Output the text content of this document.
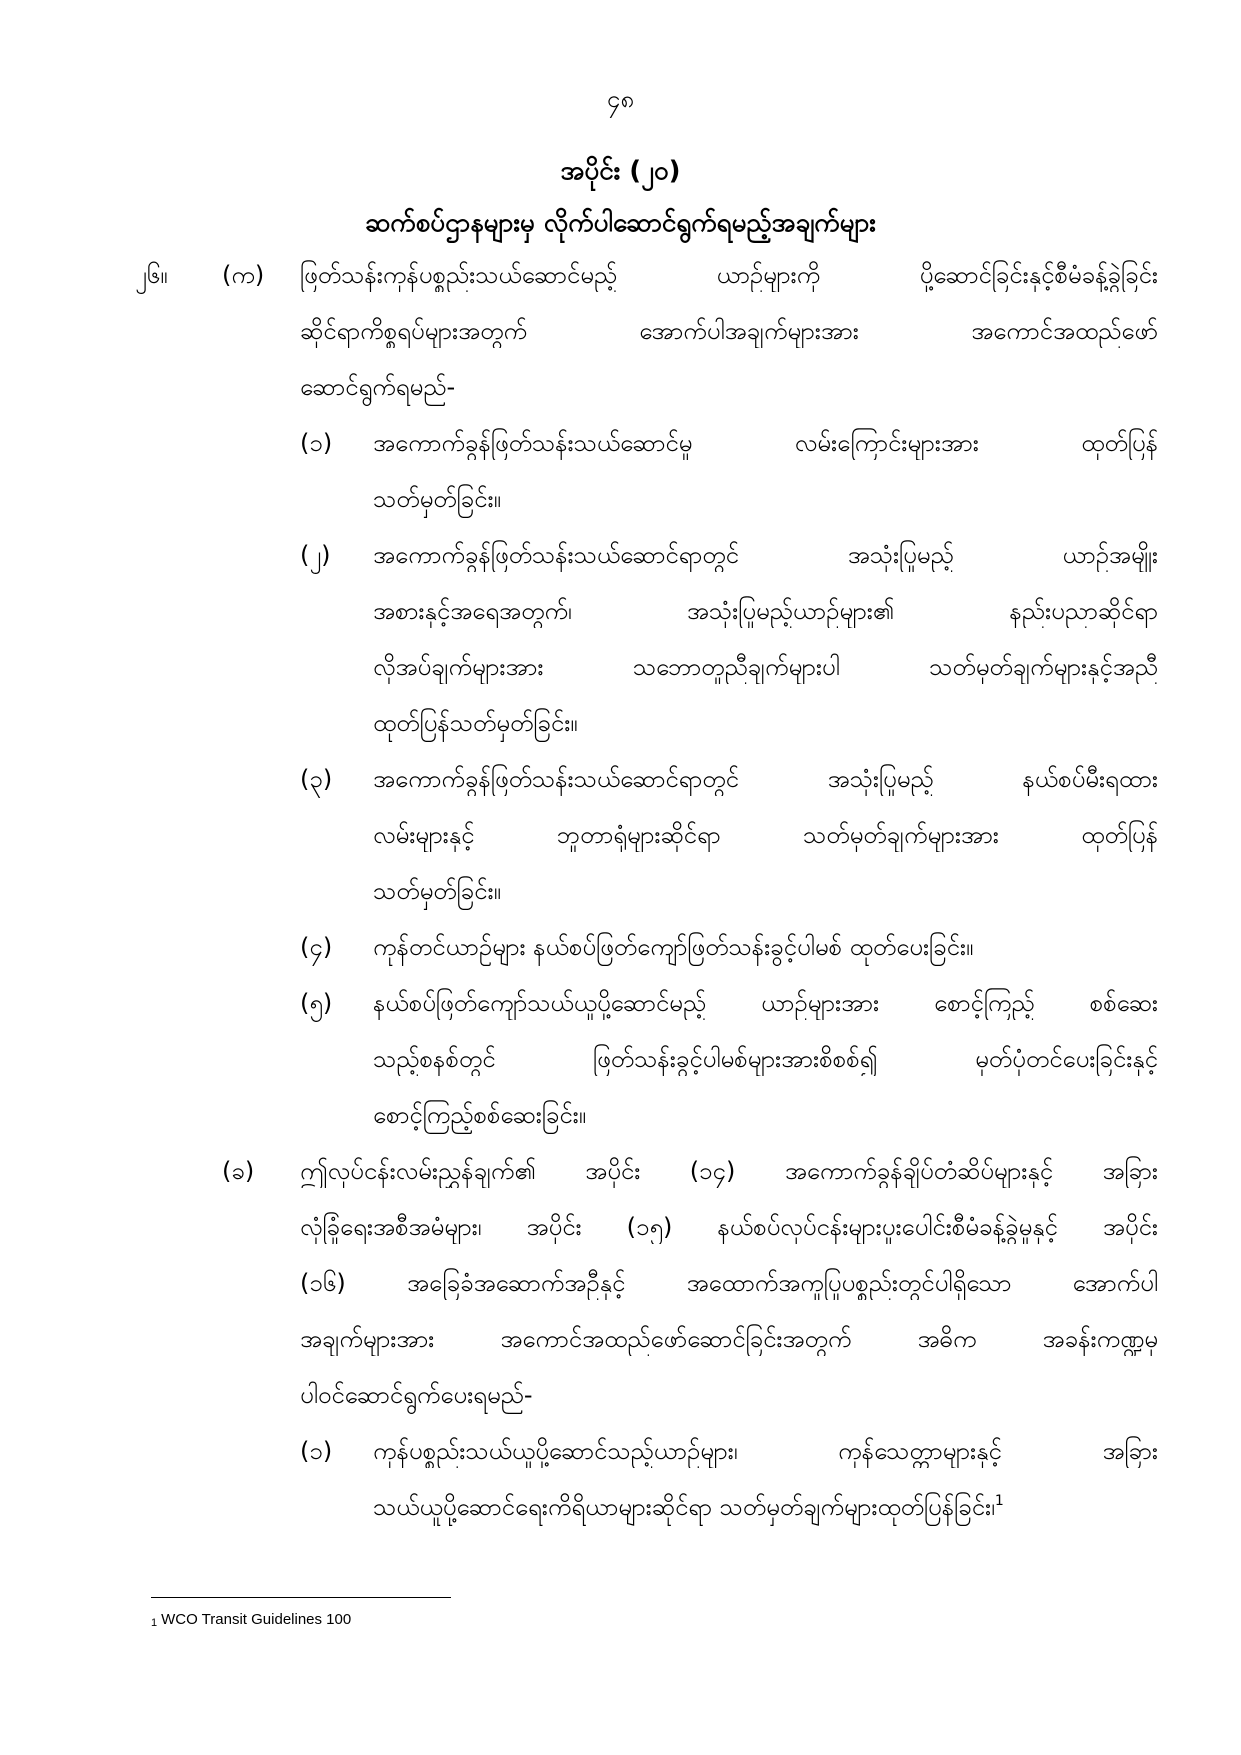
၄၈
အပိုင်း (၂၀)
ဆက်စပ်ဌာနများမှ လိုက်ပါဆောင်ရွက်ရမည့်အချက်များ
၂၆။ (က) ဖြတ်သန်းကုန်ပစ္စည်းသယ်ဆောင်မည့် ယာဉ်များကို ပို့ဆောင်ခြင်းနှင့်စီမံခန့်ခွဲခြင်း
ဆိုင်ရာကိစ္စရပ်များအတွက် အောက်ပါအချက်များအား အကောင်အထည်ဖော်
ဆောင်ရွက်ရမည်-
(၁) အကောက်ခွန်ဖြတ်သန်းသယ်ဆောင်မှု လမ်းကြောင်းများအား ထုတ်ပြန်
သတ်မှတ်ခြင်း။
(၂) အကောက်ခွန်ဖြတ်သန်းသယ်ဆောင်ရာတွင် အသုံးပြုမည့် ယာဉ်အမျိုး
အစားနှင့်အရေအတွက်၊ အသုံးပြုမည့်ယာဉ်များ၏ နည်းပညာဆိုင်ရာ
လိုအပ်ချက်များအား သဘောတူညီချက်များပါ သတ်မှတ်ချက်များနှင့်အညီ
ထုတ်ပြန်သတ်မှတ်ခြင်း။
(၃) အကောက်ခွန်ဖြတ်သန်းသယ်ဆောင်ရာတွင် အသုံးပြုမည့် နယ်စပ်မီးရထား
လမ်းများနှင့် ဘူတာရုံများဆိုင်ရာ သတ်မှတ်ချက်များအား ထုတ်ပြန်
သတ်မှတ်ခြင်း။
(၄) ကုန်တင်ယာဉ်များ နယ်စပ်ဖြတ်ကျော်ဖြတ်သန်းခွင့်ပါမစ် ထုတ်ပေးခြင်း။
(၅) နယ်စပ်ဖြတ်ကျော်သယ်ယူပို့ဆောင်မည့် ယာဉ်များအား စောင့်ကြည့် စစ်ဆေး
သည့်စနစ်တွင် ဖြတ်သန်းခွင့်ပါမစ်များအားစိစစ်၍ မှတ်ပုံတင်ပေးခြင်းနှင့်
စောင့်ကြည့်စစ်ဆေးခြင်း။
(ခ) ဤလုပ်ငန်းလမ်းညွှန်ချက်၏ အပိုင်း (၁၄) အကောက်ခွန်ချိပ်တံဆိပ်များနှင့် အခြား
လုံခြုံရေးအစီအမံများ၊ အပိုင်း (၁၅) နယ်စပ်လုပ်ငန်းများပူးပေါင်းစီမံခန့်ခွဲမှုနှင့် အပိုင်း
(၁၆) အခြေခံအဆောက်အဦနှင့် အထောက်အကူပြုပစ္စည်းတွင်ပါရှိသော အောက်ပါ
အချက်များအား အကောင်အထည်ဖော်ဆောင်ခြင်းအတွက် အဓိက အခန်းကဏ္ဍမှ
ပါဝင်ဆောင်ရွက်ပေးရမည်-
(၁) ကုန်ပစ္စည်းသယ်ယူပို့ဆောင်သည့်ယာဉ်များ၊ ကုန်သေတ္တာများနှင့် အခြား
သယ်ယူပို့ဆောင်ရေးကိရိယာများဆိုင်ရာ သတ်မှတ်ချက်များထုတ်ပြန်ခြင်း၊$^1$
1 WCO Transit Guidelines 100
